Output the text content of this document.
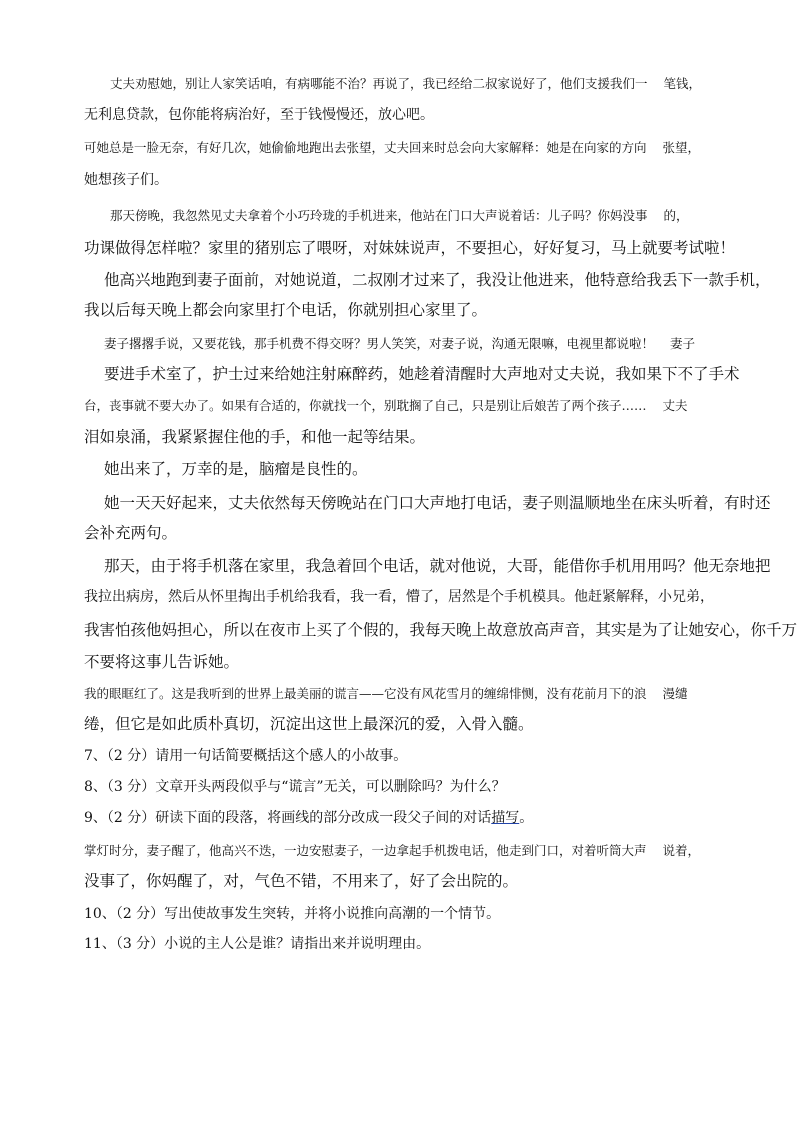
丈夫劝慰她，别让人家笑话咱，有病哪能不治？再说了，我已经给二叔家说好了，他们支援我们一 笔钱，
无利息贷款，包你能将病治好，至于钱慢慢还，放心吧。
可她总是一脸无奈，有好几次，她偷偷地跑出去张望，丈夫回来时总会向大家解释：她是在向家的方向 张望，
她想孩子们。
那天傍晚，我忽然见丈夫拿着个小巧玲珑的手机进来，他站在门口大声说着话：儿子吗？你妈没事 的，
功课做得怎样啦？家里的猪别忘了喂呀，对妹妹说声，不要担心，好好复习，马上就要考试啦！
他高兴地跑到妻子面前，对她说道，二叔刚才过来了，我没让他进来，他特意给我丢下一款手机，
我以后每天晚上都会向家里打个电话，你就别担心家里了。
妻子撂撂手说，又要花钱，那手机费不得交呀？男人笑笑，对妻子说，沟通无限嘛，电视里都说啦！ 妻子
要进手术室了，护士过来给她注射麻醉药，她趁着清醒时大声地对丈夫说，我如果下不了手术
台，丧事就不要大办了。如果有合适的，你就找一个，别耽搁了自己，只是别让后娘苦了两个孩子…… 丈夫
泪如泉涌，我紧紧握住他的手，和他一起等结果。
她出来了，万幸的是，脑瘤是良性的。
她一天天好起来，丈夫依然每天傍晚站在门口大声地打电话，妻子则温顺地坐在床头听着，有时还
会补充两句。
那天，由于将手机落在家里，我急着回个电话，就对他说，大哥，能借你手机用用吗？他无奈地把
我拉出病房，然后从怀里掏出手机给我看，我一看，懵了，居然是个手机模具。他赶紧解释，小兄弟，
我害怕孩他妈担心，所以在夜市上买了个假的，我每天晚上故意放高声音，其实是为了让她安心，你千万
不要将这事儿告诉她。
我的眼眶红了。这是我听到的世界上最美丽的谎言——它没有风花雪月的缠绵悱恻，没有花前月下的浪 漫缱
绻，但它是如此质朴真切，沉淀出这世上最深沉的爱，入骨入髓。
7、（2 分）请用一句话简要概括这个感人的小故事。
8、（3 分）文章开头两段似乎与“谎言”无关，可以删除吗？为什么？
9、（2 分）研读下面的段落，将画线的部分改成一段父子间的对话描写。
掌灯时分，妻子醒了，他高兴不迭，一边安慰妻子，一边拿起手机拨电话，他走到门口，对着听筒大声 说着，
没事了，你妈醒了，对，气色不错，不用来了，好了会出院的。
10、（2 分）写出使故事发生突转，并将小说推向高潮的一个情节。
11、（3 分）小说的主人公是谁？请指出来并说明理由。
